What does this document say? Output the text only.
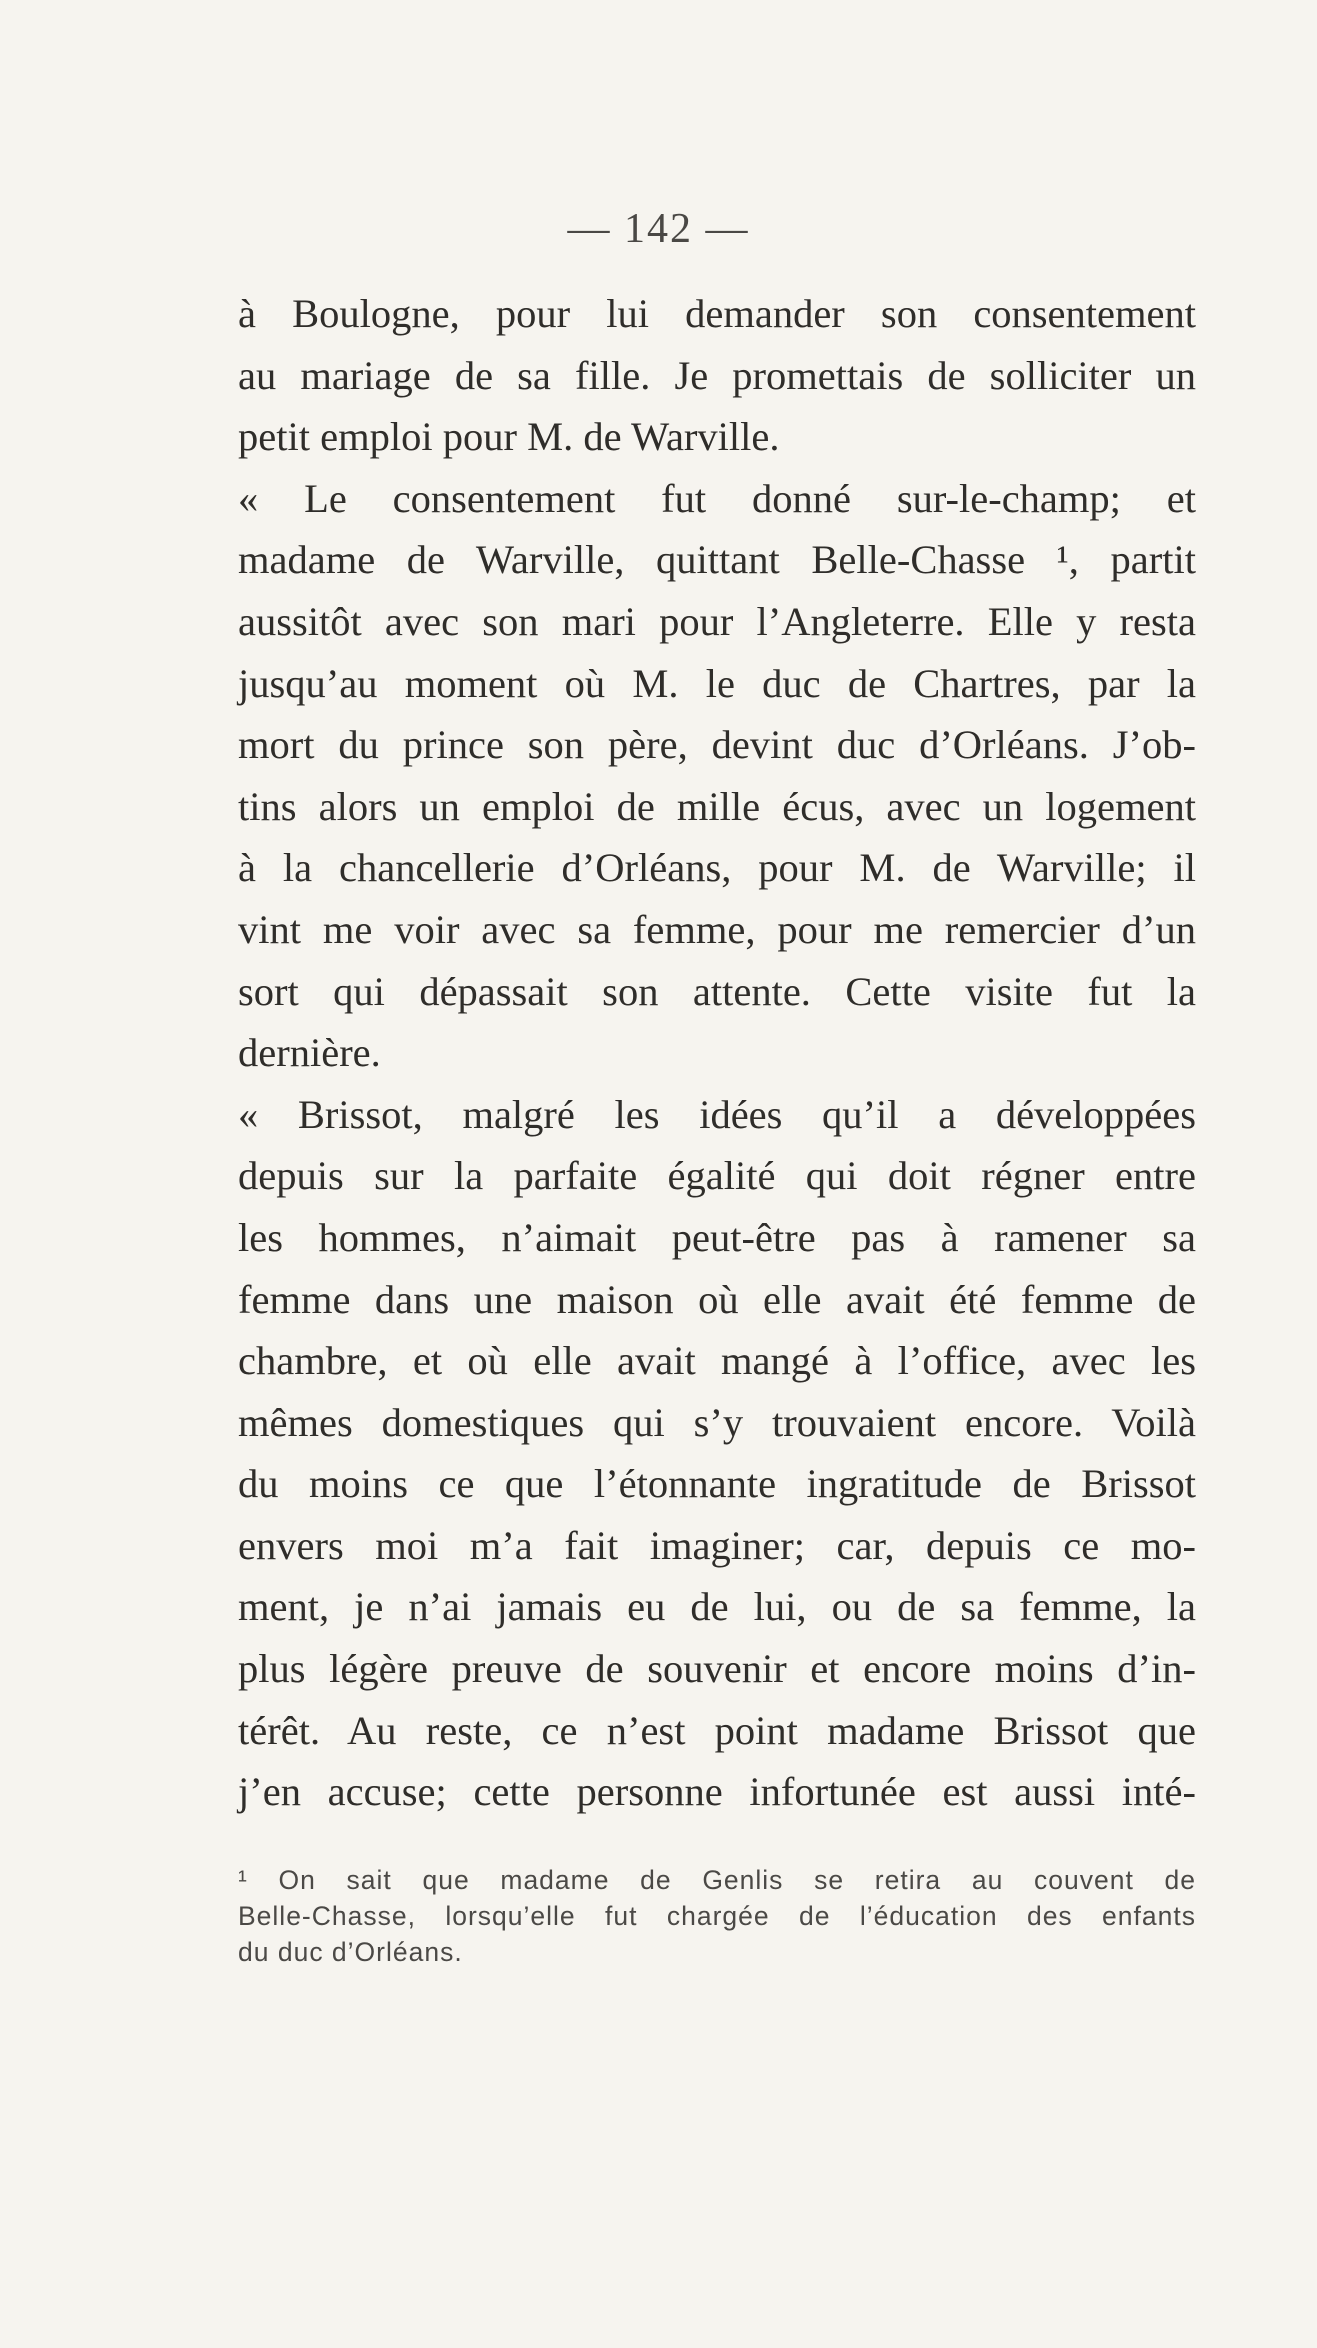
— 142 —
à Boulogne, pour lui demander son consentement
au mariage de sa fille. Je promettais de solliciter un
petit emploi pour M. de Warville.
« Le consentement fut donné sur-le-champ; et
madame de Warville, quittant Belle-Chasse ¹, partit
aussitôt avec son mari pour l’Angleterre. Elle y resta
jusqu’au moment où M. le duc de Chartres, par la
mort du prince son père, devint duc d’Orléans. J’ob-
tins alors un emploi de mille écus, avec un logement
à la chancellerie d’Orléans, pour M. de Warville; il
vint me voir avec sa femme, pour me remercier d’un
sort qui dépassait son attente. Cette visite fut la
dernière.
« Brissot, malgré les idées qu’il a développées
depuis sur la parfaite égalité qui doit régner entre
les hommes, n’aimait peut-être pas à ramener sa
femme dans une maison où elle avait été femme de
chambre, et où elle avait mangé à l’office, avec les
mêmes domestiques qui s’y trouvaient encore. Voilà
du moins ce que l’étonnante ingratitude de Brissot
envers moi m’a fait imaginer; car, depuis ce mo-
ment, je n’ai jamais eu de lui, ou de sa femme, la
plus légère preuve de souvenir et encore moins d’in-
térêt. Au reste, ce n’est point madame Brissot que
j’en accuse; cette personne infortunée est aussi inté-
¹ On sait que madame de Genlis se retira au couvent de
Belle-Chasse, lorsqu’elle fut chargée de l’éducation des enfants
du duc d’Orléans.
